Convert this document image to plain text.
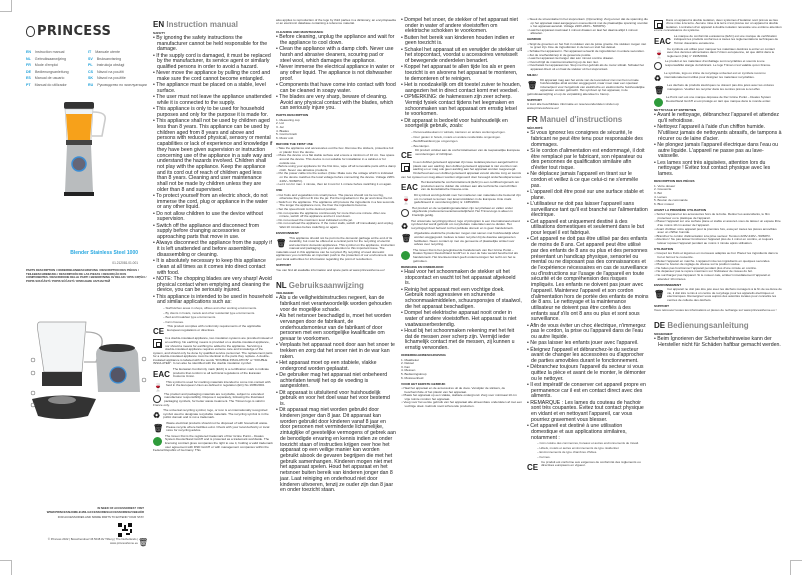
PRINCESS
EN Instruction manual	IT Manuale utente
NL Gebruiksaanwijzing	SV Bruksanvisning
FR Mode d'emploi	PL Instrukcja obsługi
DE Bedienungsanleitung	CS Návod na použití
ES Manual de usuario	SK Návod na použitie
PT Manual do utilizador	RU Руководство по эксплуатации
Blender Stainless Steel 1000
01.212081.01.001
PARTS DESCRIPTION / ONDERDELENBESCHRIJVING / DESCRIPTION DES PIÈCES / TEILEBESCHREIBUNG / DESCRIPCIÓN DE LAS PIEZAS / DESCRIÇÃO DOS COMPONENTES / DESCRIZIONE DELLE PARTI / BESKRIVNING AV DELAR / OPIS CZĘŚCI / POPIS SOUČÁSTÍ / POPIS SÚČASTÍ / ОПИСАНИЕ ЗАПЧАСТЕЙ
IN NEED OF ACCESSORIES? VISIT
WWW.PRINCESSHOME.EU/NL/ACCESSORIES/ACCESSOIRES/ZUBEHÖR
FOR ACCESSORIES AND SPARE PARTS TO EXTEND YOUR STAY
© Princess 2022 | Bosschendreef 46 5048 AV Tilburg | The Netherlands | www.princesshome.eu 🗑
EN Instruction manual
SAFETY
• By ignoring the safety instructions the manufacturer cannot be held responsible for the damage.
• If the supply cord is damaged, it must be replaced by the manufacturer, its service agent or similarly qualified persons in order to avoid a hazard.
• Never move the appliance by pulling the cord and make sure the cord cannot become entangled.
• The appliance must be placed on a stable, level surface.
• The user must not leave the appliance unattended while it is connected to the supply.
• This appliance is only to be used for household purposes and only for the purpose it is made for.
• This appliance shall not be used by children aged less than 8 years. This appliance can be used by children aged from 8 years and above and persons with reduced physical, sensory or mental capabilities or lack of experience and knowledge if they have been given supervision or instruction concerning use of the appliance in a safe way and understand the hazards involved. Children shall not play with the appliance. Keep the appliance and its cord out of reach of children aged less than 8 years. Cleaning and user maintenance shall not be made by children unless they are older than 8 and supervised.
• To protect yourself from an electric shock, do not immerse the cord, plug or appliance in the water or any other liquid.
• Do not allow children to use the device without supervision.
• Switch off the appliance and disconnect from supply before changing accessories or approaching parts that move in use.
• Always disconnect the appliance from the supply if it is left unattended and before assembling, disassembling or cleaning.
• It is absolutely necessary to keep this appliance clean at all times as it comes into direct contact with food.
• NOTE: The chopping blades are very sharp! Avoid physical contact when emptying and cleaning the device, you can be seriously injured.
• This appliance is intended to be used in household and similar applications such as:
– Staff kitchen areas in shops, offices and other working environments.
– By clients in hotels, motels and other residential type environments.
– Bed and breakfast type environments.
– Farm houses.
CE
This product complies with conformity requirements of the applicable European regulations or directives.
In a double-insulated appliance, two insulation systems are provided instead of an earthing. No earthing means is provided on a double-insulated appliance, nor should a means for earthing be added to the appliance. Servicing a double-insulated appliance requires extreme care and knowledge of the system, and should only be done by qualified service personnel. The replacement parts for a double-insulated appliance must be identical to the parts they replace. A double-insulated appliance is labeled with the words "DOUBLE INSULATION" or "DOUBLE INSULATED". It can also be identified with the double insulation symbol.
EAC
The Eurasian Conformity mark (EAC) is a certification mark to indicate products that conform to all technical regulations of the Eurasian Customs Union.
🍷
This symbol is used for marking materials intended to come into contact with food in the European Union as defined in regulation (EC) No 1935/2004.
The product and packaging materials are recyclable, subject to extended manufacturer responsibility. Dispose it separately, following the illustrated packaging symbols, for better waste treatment. The Triman logo is valid in France only.
♻
The universal recycling symbol, logo, or icon is an internationally recognized symbol used to designate recyclable materials. The recycling symbol is in the public domain and is not a trademark.
🗑
Waste electrical products should not be disposed of with household waste. Please recycle where facilities exist. Check with your local Authority or local store for recycling advice.
The Green Dot is the registered trademark of Der Grüne Punkt – Duales System Deutschland GmbH and is protected as a trademark worldwide. The licensing contract gives companies the right to use it, holding a valid trademark user agreement with DSD GmbH or with management companies within the Federal Republic of Germany. This
also applies to reproduction of the logo by third parties in a dictionary, an encyclopaedia or an electronic database containing a reference material.
CLEANING AND MAINTENANCE
• Before cleaning, unplug the appliance and wait for the appliance to cool down.
• Clean the appliance with a damp cloth. Never use harsh and abrasive cleaners, scouring pad or steel wool, which damages the appliance.
• Never immerse the electrical appliance in water or any other liquid. The appliance is not dishwasher proof.
• Components that have come into contact with food can be cleaned in soapy water.
• The blades are very sharp, beware of cleaning. Avoid any physical contact with the blades, which can seriously injure you.
PARTS DESCRIPTION
1. Measuring cup
2. Lid
3. Jar
4. Blades
5. Control knob
6. Motor unit
BEFORE THE FIRST USE
• Take the appliance and accessories out the box. Remove the stickers, protective foil or plastic from the device.
• Place the device on a flat stable surface and ensure a minimum of 10 cm. free space around the device. This device is not suitable for installation in a cabinet or for outside use.
• Before using your appliance for the first time, wipe off all removable parts with a damp cloth. Never use abrasive products.
• Put the power cable into the socket. (Note: Make sure the voltage which is indicated on the device matches the local voltage before connecting the device. Voltage 220V-240V~ 50/60Hz).
• Let it run for max. 1 minute, then let it rest for 1 minute before switching it on again.
USE
• Cut fruits and vegetables into small pieces. The pieces should not be too big, otherwise they will not fit into the jar. Put the ingredients in the jar and close the lid.
• Switch on the appliance. The appliance will process the ingredients in a few seconds. The longer the appliance runs, the finer the ingredients become.
• Set the speed knob to the desired position.
• Do not operate the appliance continuously for more than one minute. After one minute, switch off the appliance and let it cool down.
• Do not exceed the maximum level indicated on the jar.
• Do not overload the appliance. If the motor stalls, switch off immediately and unplug. Wait 10 minutes before switching on again.
ENVIRONMENT
🗑
This appliance should not be put into the domestic garbage at the end of its durability, but must be offered at a central point for the recycling of electric and electronic domestic appliances. This symbol on the appliance, instruction manual and packaging puts your attention to this important issue. The materials used in this appliance can be recycled. By recycling of used domestic appliances you contribute an important push to the protection of our environment. Ask your local authorities for information regarding the point of recollection.
SUPPORT
You can find all available information and spare parts at www.princesshome.eu!
NL Gebruiksaanwijzing
VEILIGHEID
• Als u de veiligheidsinstructies negeert, kan de fabrikant niet verantwoordelijk worden gehouden voor de mogelijke schade.
• Als het netsnoer beschadigd is, moet het worden vervangen door de fabrikant, de onderhoudsmonteur van de fabrikant of door personen met een soortgelijke kwalificatie om gevaar te voorkomen.
• Verplaats het apparaat nooit door aan het snoer te trekken en zorg dat het snoer niet in de war kan raken.
• Het apparaat moet op een stabiele, vlakke ondergrond worden geplaatst.
• De gebruiker mag het apparaat niet onbeheerd achterlaten terwijl het op de voeding is aangesloten.
• Dit apparaat is uitsluitend voor huishoudelijk gebruik en voor het doel waar het voor bestemd is.
• Dit apparaat mag niet worden gebruikt door kinderen jonger dan 8 jaar. Dit apparaat kan worden gebruikt door kinderen vanaf 8 jaar en door personen met verminderde lichamelijke, zintuiglijke of geestelijke vermogens of gebrek aan de benodigde ervaring en kennis indien ze onder toezicht staan of instructies krijgen over hoe het apparaat op een veilige manier kan worden gebruikt alsook de gevaren begrijpen die met het gebruik samenhangen. Kinderen mogen niet met het apparaat spelen. Houd het apparaat en het netsnoer buiten bereik van kinderen jonger dan 8 jaar. Laat reiniging en onderhoud niet door kinderen uitvoeren, tenzij ze ouder zijn dan 8 jaar en onder toezicht staan.
• Dompel het snoer, de stekker of het apparaat niet onder in water of andere vloeistoffen om elektrische schokken te voorkomen.
• Buiten het bereik van kinderen houden indien er geen toezicht is.
• Schakel het apparaat uit en verwijder de stekker uit het stopcontact, voordat u accessoires verwisselt of bewegende onderdelen benadert.
• Koppel het apparaat te allen tijde los als er geen toezicht is en alvorens het apparaat te monteren, te demonteren of te reinigen.
• Het is noodzakelijk om dit toestel zuiver te houden, aangezien het in direct contact komt met voedsel.
• OPMERKING: de hakmessen zijn zeer scherp. Vermijd fysiek contact tijdens het leegmaken en schoonmaken van het apparaat om ernstig letsel te voorkomen.
• Dit apparaat is bedoeld voor huishoudelijk en soortgelijk gebruik, zoals:
– Personeelskeukens in winkels, kantoren en andere werkomgevingen.
– Door gasten in hotels, motels en andere residentiële omgevingen.
– Bed&Breakfast-type omgevingen.
– Boerderijen.
CE
Dit product voldoet aan de conformiteitseisen van de toepasselijke Europese verordeningen of richtlijnen.
In een dubbel geïsoleerd apparaat zijn twee isolatiesystemen aangebracht in plaats van een aarding. Een dubbel geïsoleerd apparaat is niet voorzien van aarding en er mag ook geen aarding aan het apparaat worden toegevoegd. Onderhoud aan een dubbel geïsoleerd apparaat vereist uiterste zorg en kennis van het systeem en mag alleen worden uitgevoerd door bevoegd onderhoudspersoneel.
EAC
Het Euraziatische conformiteitsmerk (EAC) is een certificeringsmerk om producten aan te duiden die voldoen aan alle technische voorschriften van de Euraziatische Douane-unie.
🍷
Dit symbool wordt gebruikt voor het markeren van materialen die bestemd zijn om in contact te komen met levensmiddelen in de Europese Unie zoals gedefinieerd in verordening (EG) nr. 1935/2004.
Het product en de verpakkingsmaterialen zijn recyclebaar en vallen onder uitgebreide producentenverantwoordelijkheid. Het Triman-logo is alleen in Frankrijk geldig.
♻
Het universele recyclingsymbool, logo of pictogram is een internationaal erkend symbool dat wordt gebruikt om recyclebare materialen aan te duiden. Het recyclingsymbool behoort tot het publieke domein en is geen handelsmerk.
🗑
Afgedankte elektrische producten mogen niet samen met huishoudelijk afval worden weggegooid. Gelieve te laten recyclen bij de daartoe aangewezen faciliteiten. Neem contact op met uw gemeente of plaatselijke winkel voor advies over recycling.
The Green Dot is het geregistreerde handelsmerk van Der Grüne Punkt – Duales System Deutschland GmbH en is over de hele wereld beschermd als handelsmerk. Het licentiecontract geeft ondernemingen het recht om het te gebruiken.
REINIGING EN ONDERHOUD
• Haal voor het schoonmaken de stekker uit het stopcontact en wacht tot het apparaat afgekoeld is.
• Reinig het apparaat met een vochtige doek. Gebruik nooit agressieve en schurende schoonmaakmiddelen, schuursponsjes of staalwol, die het apparaat beschadigen.
• Dompel het elektrische apparaat nooit onder in water of andere vloeistoffen. Het apparaat is niet vaatwasserbestendig.
• Houd bij het schoonmaken rekening met het feit dat de messen zeer scherp zijn. Vermijd ieder lichamelijk contact met de messen, zij kunnen u ernstig verwonden.
ONDERDELENBESCHRIJVING
1. Maatbeker
2. Deksel
3. Kan
4. Messen
5. Bedieningsknop
6. Motoreenheid
VOOR HET EERSTE GEBRUIK
• Haal het apparaat en de accessoires uit de doos. Verwijder de stickers, de beschermfolie of het plastic van het apparaat.
• Plaats het apparaat op een vlakke, stabiele ondergrond. Zorg voor minimaal 10 cm vrije ruimte rondom het apparaat.
• Veeg voor het eerste gebruik van het apparaat alle afneembare onderdelen af met een vochtige doek. Gebruik nooit schurende producten.
• Steek de stroomkabel in het stopcontact. (Opmerking: Zorg ervoor dat de spanning die op het apparaat staat aangegeven overeenkomt met de plaatselijke spanning voordat u het apparaat aansluit. Voltage 220V-240V~ 50/60Hz).
• Laat het apparaat maximaal 1 minuut draaien en laat het daarna altijd 1 minuut afkoelen.
GEBRUIK
• Snijd de groenten en het fruit in stukken van de juiste grootte. De stukken mogen niet te groot zijn. Doe de ingrediënten in de kan en sluit het deksel.
• Schakel het apparaat in. Het apparaat verwerkt de ingrediënten in enkele seconden.
• Zet de snelheidsknop in de gewenste positie.
• Laat het apparaat niet langer dan één minuut continu draaien.
• Overschrijd de maximummarkering op de kan niet.
• Overbelast het apparaat niet. Stop met het gebruik als de motor stilvalt. Schakel het apparaat direct uit en haal de stekker uit het stopcontact.
MILIEU
🗑
Dit apparaat mag aan het einde van de levensduur niet met het normale huishoudelijke afval worden weggegooid, maar moet naar een speciaal inzamelpunt voor hergebruik van elektrische en elektronische huishoudelijke apparaten worden gebracht. Het symbool op het apparaat, in de gebruiksaanwijzing en op de verpakking attendeert u hierop.
SUPPORT
U kunt alle beschikbare informatie en reserveonderdelen vinden op www.princesshome.eu!
FR Manuel d'instructions
SÉCURITÉ
• Si vous ignorez les consignes de sécurité, le fabricant ne peut être tenu pour responsable des dommages.
• Si le cordon d'alimentation est endommagé, il doit être remplacé par le fabricant, son réparateur ou des personnes de qualification similaire afin d'éviter tout risque.
• Ne déplacez jamais l'appareil en tirant sur le cordon et veillez à ce que celui-ci ne s'emmêle pas.
• L'appareil doit être posé sur une surface stable et plane.
• L'utilisateur ne doit pas laisser l'appareil sans surveillance tant qu'il est branché sur l'alimentation électrique.
• Cet appareil est uniquement destiné à des utilisations domestiques et seulement dans le but pour lequel il est fabriqué.
• Cet appareil ne doit pas être utilisé par des enfants de moins de 8 ans. Cet appareil peut être utilisé par des enfants de 8 ans ou plus et des personnes présentant un handicap physique, sensoriel ou mental ou ne disposant pas des connaissances et de l'expérience nécessaires en cas de surveillance ou d'instructions sur l'usage de l'appareil en toute sécurité et de compréhension des risques impliqués. Les enfants ne doivent pas jouer avec l'appareil. Maintenez l'appareil et son cordon d'alimentation hors de portée des enfants de moins de 8 ans. Le nettoyage et la maintenance utilisateur ne doivent pas être confiés à des enfants sauf s'ils ont 8 ans ou plus et sont sous surveillance.
• Afin de vous éviter un choc électrique, n'immergez pas le cordon, la prise ou l'appareil dans de l'eau ou autre liquide.
• Ne pas laisser les enfants jouer avec l'appareil.
• Éteignez l'appareil et débranchez-le du secteur avant de changer les accessoires ou d'approcher de parties amovibles durant le fonctionnement.
• Débranchez toujours l'appareil du secteur si vous quittez la pièce et avant de le monter, le démonter ou le nettoyer.
• Il est impératif de conserver cet appareil propre en permanence car il est en contact direct avec des aliments.
• REMARQUE : Les lames du couteau de hachoir sont très coupantes. Évitez tout contact physique en vidant et en nettoyant l'appareil, car vous pourriez gravement vous blesser.
• Cet appareil est destiné à une utilisation domestique et aux applications similaires, notamment :
– Coin cuisine des commerces, bureaux et autres environnements de travail.
– Hôtels, motels et autres environnements de type résidentiel.
– Environnements de type chambres d'hôtes.
– Fermes.
CE
Ce produit est conforme aux exigences de conformité des règlements ou directives européens en vigueur.
Dans un appareil à double isolation, deux systèmes d'isolation sont prévus au lieu d'une mise à la terre. Aucune mise à la terre n'est prévue sur un appareil à double isolation. L'entretien d'un appareil à double isolation nécessite une extrême attention et une connaissance du système.
EAC
La marque de conformité eurasienne (EAC) est une marque de certification indiquant les produits conformes à toutes les réglementations techniques de l'Union douanière eurasienne.
🍷
Ce symbole est utilisé pour marquer les matériaux destinés à entrer en contact avec des denrées alimentaires dans l'Union européenne, tel que défini dans le règlement (CE) n° 1935/2004.
Le produit et les matériaux d'emballage sont recyclables et soumis à une responsabilité élargie du fabricant. Le logo Triman n'est valable qu'en France.
♻
Le symbole, logo ou icône de recyclage universel est un symbole reconnu internationalement utilisé pour désigner les matériaux recyclables.
🗑
Les déchets de produits électriques ne doivent pas être jetés avec les ordures ménagères. Veuillez les recycler dans les centres prévus à cet effet.
Le Point vert est une marque déposée de Der Grüne Punkt – Duales System Deutschland GmbH et est protégé en tant que marque dans le monde entier.
NETTOYAGE ET ENTRETIEN
• Avant le nettoyage, débranchez l'appareil et attendez qu'il refroidisse.
• Nettoyez l'appareil à l'aide d'un chiffon humide. N'utilisez jamais de nettoyants abrasifs, de tampons à récurer ou de laine d'acier.
• Ne plongez jamais l'appareil électrique dans l'eau ou autre liquide. L'appareil ne passe pas au lave-vaisselle.
• Les lames sont très aiguisées, attention lors du nettoyage ! Évitez tout contact physique avec les lames.
DESCRIPTION DES PIÈCES
1. Verre doseur
2. Couvercle
3. Bol
4. Lames
5. Bouton de commande
6. Bloc moteur
AVANT LA PREMIÈRE UTILISATION
• Sortez l'appareil et les accessoires hors de la boîte. Retirez les autocollants, le film protecteur ou le plastique de l'appareil.
• Placez l'appareil sur une surface plane et stable et assurez-vous de laisser un espace libre d'au moins 10 cm autour de l'appareil.
• Avant d'utiliser votre appareil pour la première fois, essuyez toutes les pièces amovibles avec un chiffon humide.
• Branchez le cordon d'alimentation à la prise secteur. Tension 220V-240V~ 50/60Hz.
• Attention ! Ne pas laisser fonctionner l'appareil plus de 1 minut en continu, et toujours laisser reposer l'appareil pendant au moins 1 minute après utilisation.
UTILISATION
• Coupez les fruits et légumes en morceaux adaptés au bol. Placez les ingrédients dans le bol et fermez le couvercle.
• Mettez l'appareil en marche. L'appareil mixe les ingrédients en quelques secondes.
• Placez le bouton de réglage de vitesse sur la position voulue.
• Ne faites pas fonctionner l'appareil pendant plus d'une minute en continu.
• Ne dépassez pas le repère maximum sur l'indicateur de niveau du bol.
• Ne surchargez pas l'appareil. Si le moteur cale, arrêtez immédiatement l'appareil et attendez 10 minutes.
ENVIRONNEMENT
🗑
Cet appareil ne doit pas être jeté avec les déchets ménagers à la fin de sa durée de vie, il doit être remis à un centre de recyclage pour les appareils électriques et électroniques. Renseignez-vous auprès des autorités locales pour connaître les centres de collecte des déchets.
SUPPORT
Vous retrouvez toutes les informations et pièces de rechange sur www.princesshome.eu !
DE Bedienungsanleitung
SICHERHEIT
• Beim Ignorieren der Sicherheitshinweise kann der Hersteller nicht für Schäden haftbar gemacht werden.
